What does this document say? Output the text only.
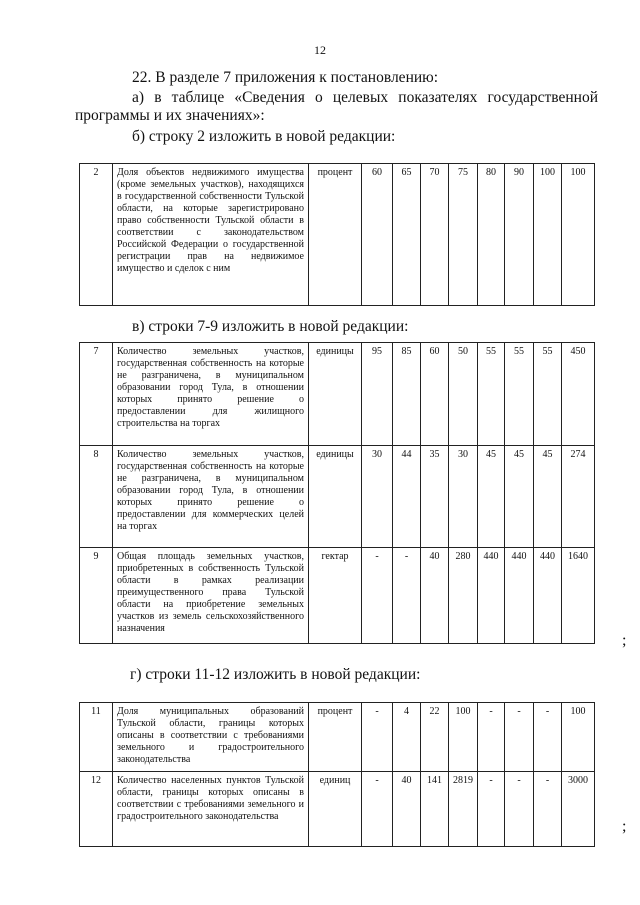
12
22. В разделе 7 приложения к постановлению:
а) в таблице «Сведения о целевых показателях государственной
программы и их значениях»:
б) строку 2 изложить в новой редакции:
2	Доля объектов недвижимого имущества (кроме земельных участков), находящихся в государственной собственности Тульской области, на которые зарегистрировано право собственности Тульской области в соответствии с законодательством Российской Федерации о государственной регистрации прав на недвижимое имущество и сделок с ним	процент	60	65	70	75	80	90	100	100
в) строки 7-9 изложить в новой редакции:
7	Количество земельных участков, государственная собственность на которые не разграничена, в муниципальном образовании город Тула, в отношении которых принято решение о предоставлении для жилищного строительства на торгах	единицы	95	85	60	50	55	55	55	450
8	Количество земельных участков, государственная собственность на которые не разграничена, в муниципальном образовании город Тула, в отношении которых принято решение о предоставлении для коммерческих целей на торгах	единицы	30	44	35	30	45	45	45	274
9	Общая площадь земельных участков, приобретенных в собственность Тульской области в рамках реализации преимущественного права Тульской области на приобретение земельных участков из земель сельскохозяйственного назначения	гектар	-	-	40	280	440	440	440	1640
;
г) строки 11-12 изложить в новой редакции:
11	Доля муниципальных образований Тульской области, границы которых описаны в соответствии с требованиями земельного и градостроительного законодательства	процент	-	4	22	100	-	-	-	100
12	Количество населенных пунктов Тульской области, границы которых описаны в соответствии с требованиями земельного и градостроительного законодательства	единиц	-	40	141	2819	-	-	-	3000
;
